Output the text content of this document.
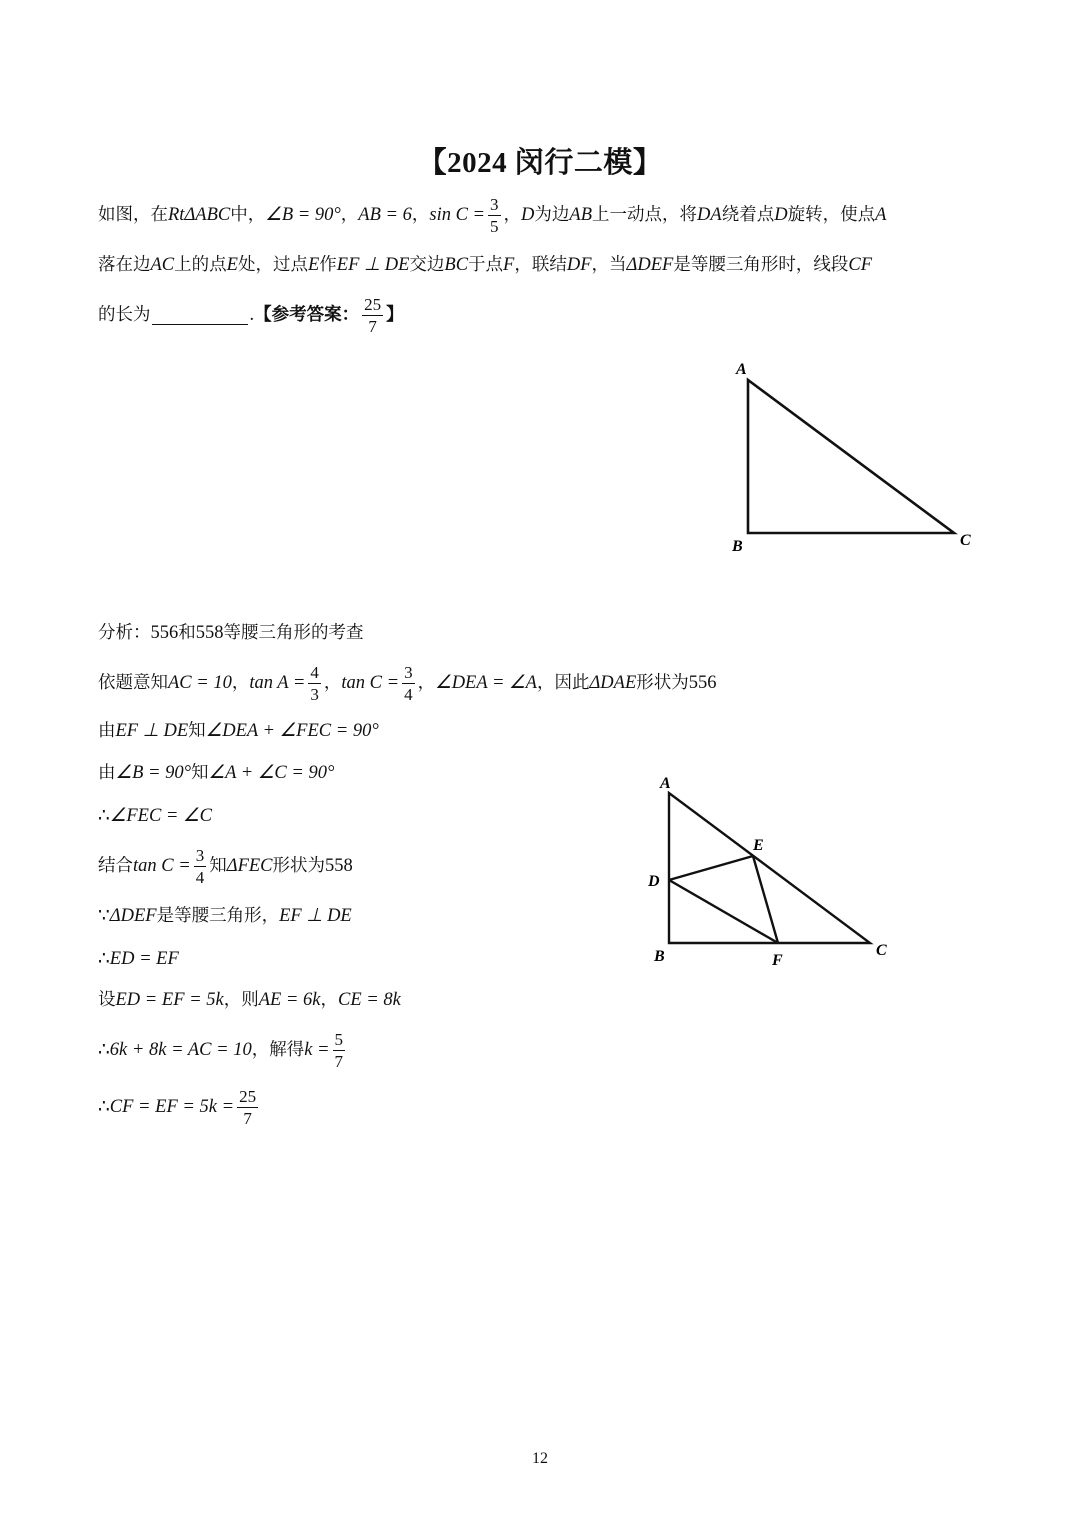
【2024 闵行二模】
如图，在 RtΔABC 中， ∠B = 90° ， AB = 6 ， $\sin C = \frac{3}{5}$ ， D 为边 AB 上一动点，将 DA 绕着点 D 旋转，使点 A
落在边 AC 上的点 E 处，过点 E 作 EF ⊥ DE 交边 BC 于点 F ，联结 DF ，当 ΔDEF 是等腰三角形时，线段 CF
的长为	. 【参考答案： $\frac{25}{7}$ 】
A
B	C
A
E
D
B	F
C
分析： 556 和 558 等腰三角形的考查
依题意知 AC = 10 ， $\tan A = \frac{4}{3}$ ， $\tan C = \frac{3}{4}$ ， ∠DEA = ∠A ，因此 ΔDAE 形状为 556
由 EF ⊥ DE 知 ∠DEA + ∠FEC = 90°
由 ∠B = 90° 知 ∠A + ∠C = 90°
∴ ∠FEC = ∠C
结合 $\tan C = \frac{3}{4}$ 知 ΔFEC 形状为 558
∵ ΔDEF 是等腰三角形， EF ⊥ DE
∴ ED = EF
设 ED = EF = 5k ，则 AE = 6k ， CE = 8k
∴ 6k + 8k = AC = 10 ，解得 $k = \frac{5}{7}$
∴ CF = EF = $5k = \frac{25}{7}$
12
